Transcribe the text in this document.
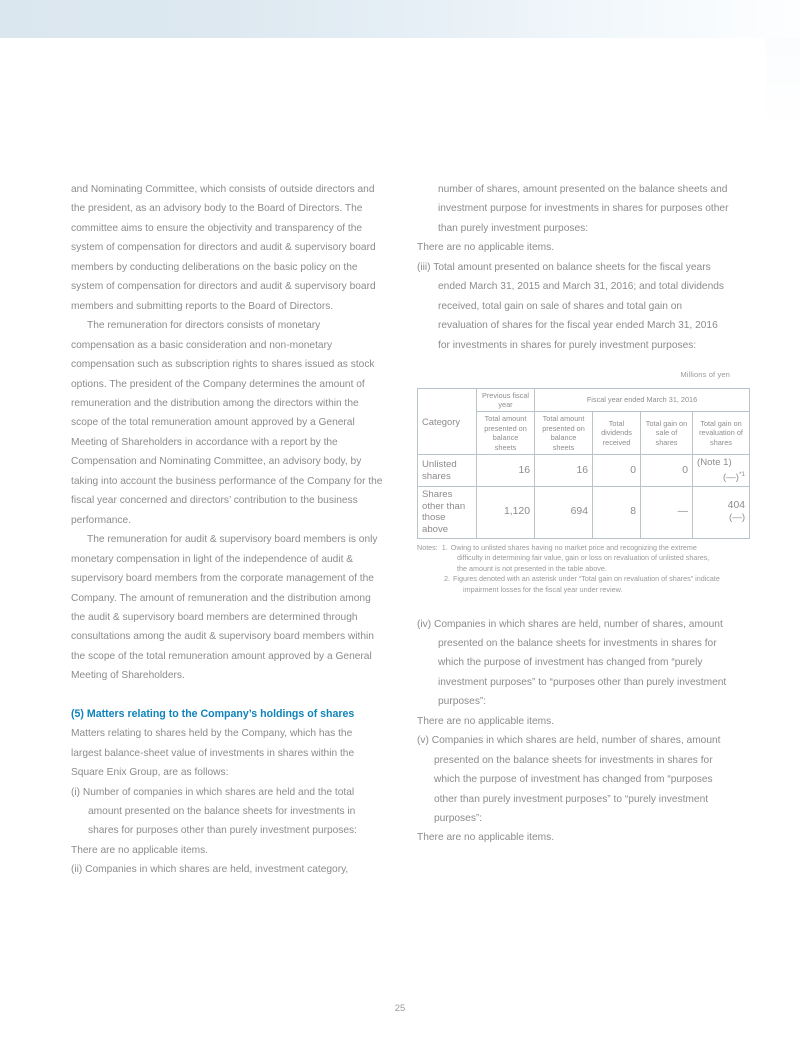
and Nominating Committee, which consists of outside directors and the president, as an advisory body to the Board of Directors. The committee aims to ensure the objectivity and transparency of the system of compensation for directors and audit & supervisory board members by conducting deliberations on the basic policy on the system of compensation for directors and audit & supervisory board members and submitting reports to the Board of Directors.

The remuneration for directors consists of monetary compensation as a basic consideration and non-monetary compensation such as subscription rights to shares issued as stock options. The president of the Company determines the amount of remuneration and the distribution among the directors within the scope of the total remuneration amount approved by a General Meeting of Shareholders in accordance with a report by the Compensation and Nominating Committee, an advisory body, by taking into account the business performance of the Company for the fiscal year concerned and directors’ contribution to the business performance.

The remuneration for audit & supervisory board members is only monetary compensation in light of the independence of audit & supervisory board members from the corporate management of the Company. The amount of remuneration and the distribution among the audit & supervisory board members are determined through consultations among the audit & supervisory board members within the scope of the total remuneration amount approved by a General Meeting of Shareholders.

(5) Matters relating to the Company’s holdings of shares

Matters relating to shares held by the Company, which has the largest balance-sheet value of investments in shares within the Square Enix Group, are as follows:

(i) Number of companies in which shares are held and the total amount presented on the balance sheets for investments in shares for purposes other than purely investment purposes:

There are no applicable items.

(ii) Companies in which shares are held, investment category,

number of shares, amount presented on the balance sheets and investment purpose for investments in shares for purposes other than purely investment purposes:

There are no applicable items.

(iii) Total amount presented on balance sheets for the fiscal years ended March 31, 2015 and March 31, 2016; and total dividends received, total gain on sale of shares and total gain on revaluation of shares for the fiscal year ended March 31, 2016 for investments in shares for purely investment purposes:

Millions of yen
Category	Previous fiscal year	Fiscal year ended March 31, 2016			
	Total amount presented on balance sheets	Total amount presented on balance sheets	Total dividends received	Total gain on sale of shares	Total gain on revaluation of shares
Unlisted shares	16	16	0	0	(Note 1)
(—)$^{*1}$

Shares other than those above	1,120	694	8	—	404
(—)
Notes: 1. Owing to unlisted shares having no market price and recognizing the extreme
difficulty in determining fair value, gain or loss on revaluation of unlisted shares,
the amount is not presented in the table above.
2. Figures denoted with an asterisk under “Total gain on revaluation of shares” indicate
impairment losses for the fiscal year under review.

(iv) Companies in which shares are held, number of shares, amount presented on the balance sheets for investments in shares for which the purpose of investment has changed from “purely investment purposes” to “purposes other than purely investment purposes”:

There are no applicable items.

(v) Companies in which shares are held, number of shares, amount presented on the balance sheets for investments in shares for which the purpose of investment has changed from “purposes other than purely investment purposes” to “purely investment purposes”:

There are no applicable items.

25
